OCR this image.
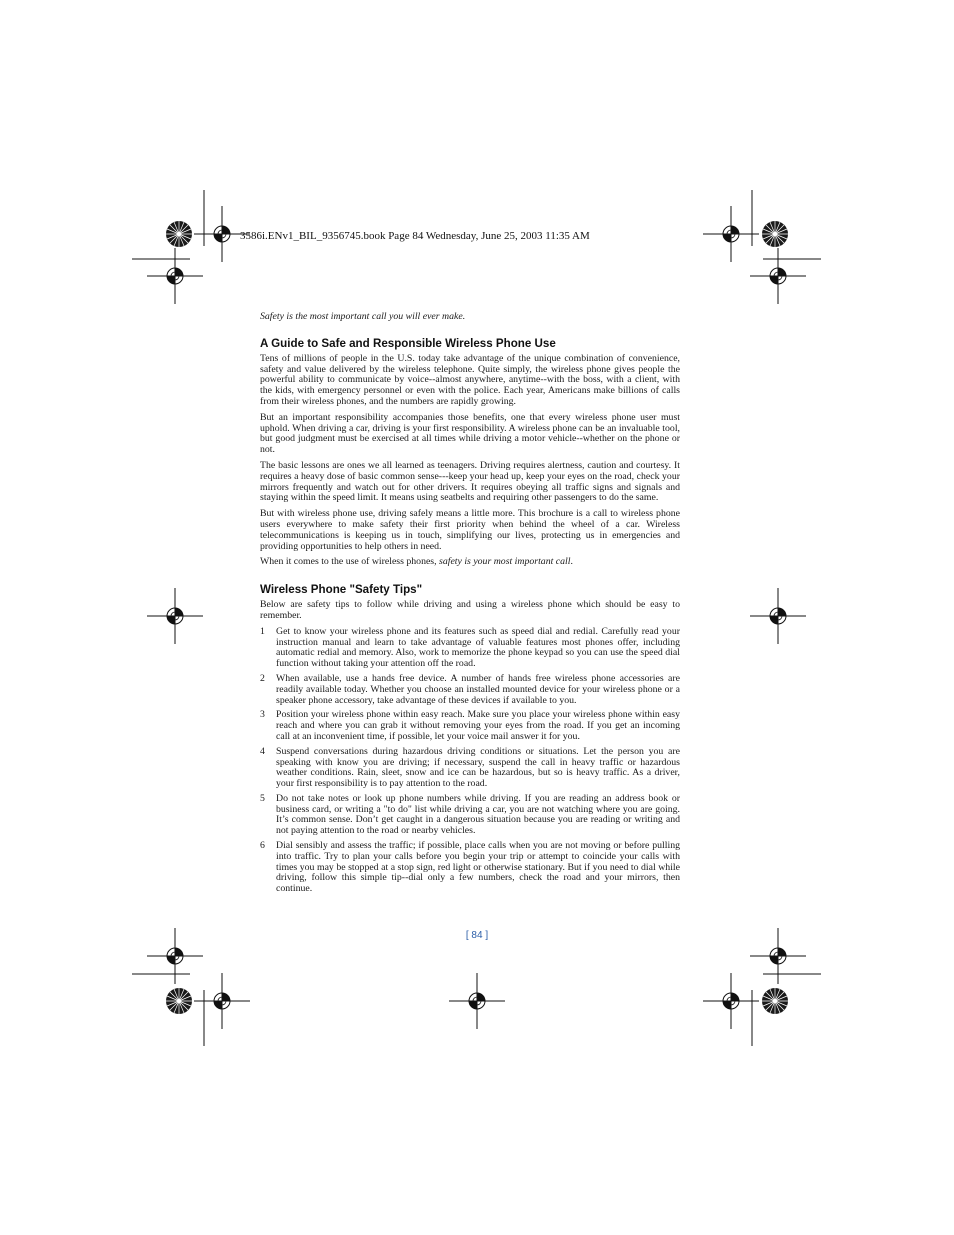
3586i.ENv1_BIL_9356745.book Page 84 Wednesday, June 25, 2003 11:35 AM

Safety is the most important call you will ever make.

A Guide to Safe and Responsible Wireless Phone Use

Tens of millions of people in the U.S. today take advantage of the unique combination of convenience, safety and value delivered by the wireless telephone. Quite simply, the wireless phone gives people the powerful ability to communicate by voice--almost anywhere, anytime--with the boss, with a client, with the kids, with emergency personnel or even with the police. Each year, Americans make billions of calls from their wireless phones, and the numbers are rapidly growing.

But an important responsibility accompanies those benefits, one that every wireless phone user must uphold. When driving a car, driving is your first responsibility. A wireless phone can be an invaluable tool, but good judgment must be exercised at all times while driving a motor vehicle--whether on the phone or not.

The basic lessons are ones we all learned as teenagers. Driving requires alertness, caution and courtesy. It requires a heavy dose of basic common sense---keep your head up, keep your eyes on the road, check your mirrors frequently and watch out for other drivers. It requires obeying all traffic signs and signals and staying within the speed limit. It means using seatbelts and requiring other passengers to do the same.

But with wireless phone use, driving safely means a little more. This brochure is a call to wireless phone users everywhere to make safety their first priority when behind the wheel of a car. Wireless telecommunications is keeping us in touch, simplifying our lives, protecting us in emergencies and providing opportunities to help others in need.

When it comes to the use of wireless phones, safety is your most important call.

Wireless Phone "Safety Tips"

Below are safety tips to follow while driving and using a wireless phone which should be easy to remember.

1 Get to know your wireless phone and its features such as speed dial and redial. Carefully read your instruction manual and learn to take advantage of valuable features most phones offer, including automatic redial and memory. Also, work to memorize the phone keypad so you can use the speed dial function without taking your attention off the road.
2 When available, use a hands free device. A number of hands free wireless phone accessories are readily available today. Whether you choose an installed mounted device for your wireless phone or a speaker phone accessory, take advantage of these devices if available to you.
3 Position your wireless phone within easy reach. Make sure you place your wireless phone within easy reach and where you can grab it without removing your eyes from the road. If you get an incoming call at an inconvenient time, if possible, let your voice mail answer it for you.
4 Suspend conversations during hazardous driving conditions or situations. Let the person you are speaking with know you are driving; if necessary, suspend the call in heavy traffic or hazardous weather conditions. Rain, sleet, snow and ice can be hazardous, but so is heavy traffic. As a driver, your first responsibility is to pay attention to the road.
5 Do not take notes or look up phone numbers while driving. If you are reading an address book or business card, or writing a "to do" list while driving a car, you are not watching where you are going. It’s common sense. Don’t get caught in a dangerous situation because you are reading or writing and not paying attention to the road or nearby vehicles.
6 Dial sensibly and assess the traffic; if possible, place calls when you are not moving or before pulling into traffic. Try to plan your calls before you begin your trip or attempt to coincide your calls with times you may be stopped at a stop sign, red light or otherwise stationary. But if you need to dial while driving, follow this simple tip--dial only a few numbers, check the road and your mirrors, then continue.
[ 84 ]
